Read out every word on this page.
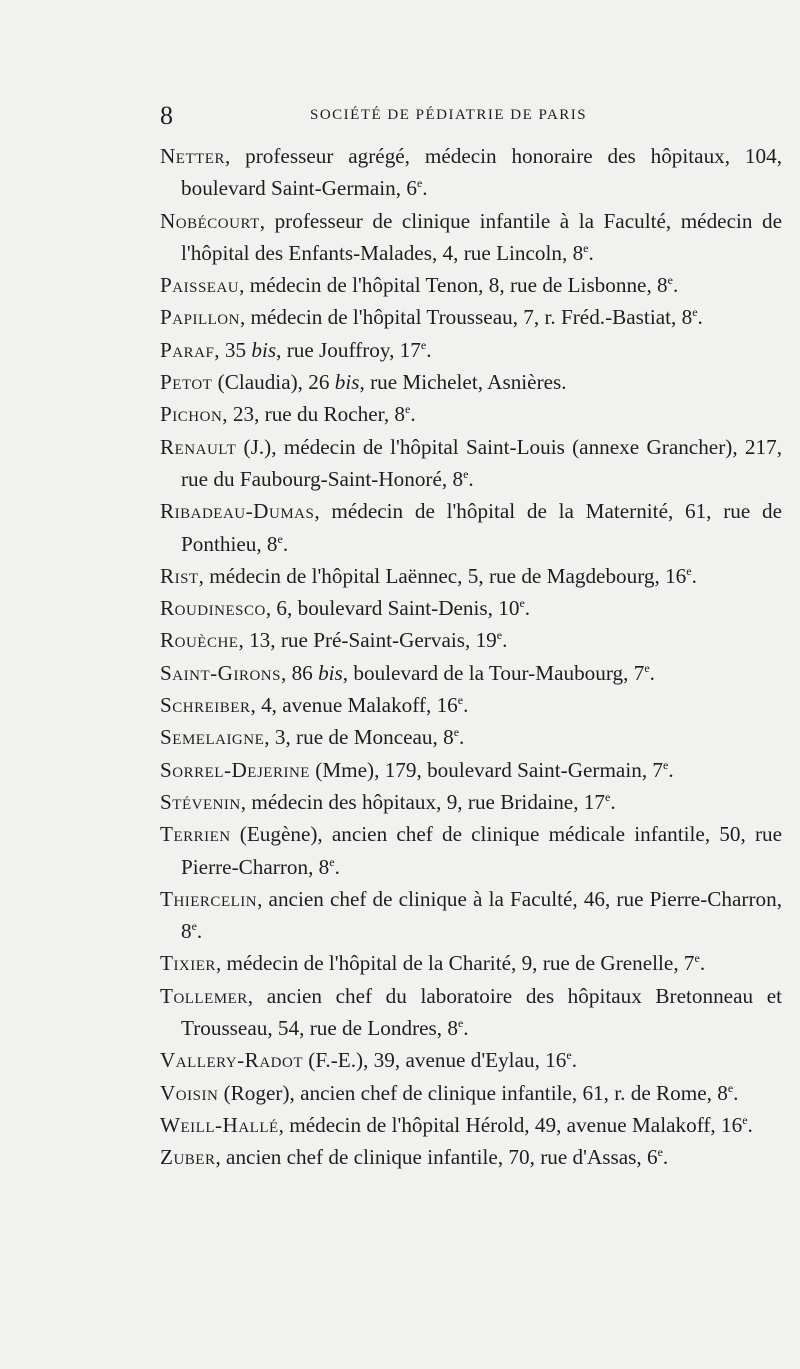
8	SOCIÉTÉ DE PÉDIATRIE DE PARIS
Netter, professeur agrégé, médecin honoraire des hôpitaux, 104, boulevard Saint-Germain, 6e.
Nobécourt, professeur de clinique infantile à la Faculté, médecin de l'hôpital des Enfants-Malades, 4, rue Lincoln, 8e.
Paisseau, médecin de l'hôpital Tenon, 8, rue de Lisbonne, 8e.
Papillon, médecin de l'hôpital Trousseau, 7, r. Fréd.-Bastiat, 8e.
Paraf, 35 bis, rue Jouffroy, 17e.
Petot (Claudia), 26 bis, rue Michelet, Asnières.
Pichon, 23, rue du Rocher, 8e.
Renault (J.), médecin de l'hôpital Saint-Louis (annexe Grancher), 217, rue du Faubourg-Saint-Honoré, 8e.
Ribadeau-Dumas, médecin de l'hôpital de la Maternité, 61, rue de Ponthieu, 8e.
Rist, médecin de l'hôpital Laënnec, 5, rue de Magdebourg, 16e.
Roudinesco, 6, boulevard Saint-Denis, 10e.
Rouèche, 13, rue Pré-Saint-Gervais, 19e.
Saint-Girons, 86 bis, boulevard de la Tour-Maubourg, 7e.
Schreiber, 4, avenue Malakoff, 16e.
Semelaigne, 3, rue de Monceau, 8e.
Sorrel-Dejerine (Mme), 179, boulevard Saint-Germain, 7e.
Stévenin, médecin des hôpitaux, 9, rue Bridaine, 17e.
Terrien (Eugène), ancien chef de clinique médicale infantile, 50, rue Pierre-Charron, 8e.
Thiercelin, ancien chef de clinique à la Faculté, 46, rue Pierre-Charron, 8e.
Tixier, médecin de l'hôpital de la Charité, 9, rue de Grenelle, 7e.
Tollemer, ancien chef du laboratoire des hôpitaux Bretonneau et Trousseau, 54, rue de Londres, 8e.
Vallery-Radot (F.-E.), 39, avenue d'Eylau, 16e.
Voisin (Roger), ancien chef de clinique infantile, 61, r. de Rome, 8e.
Weill-Hallé, médecin de l'hôpital Hérold, 49, avenue Malakoff, 16e.
Zuber, ancien chef de clinique infantile, 70, rue d'Assas, 6e.
